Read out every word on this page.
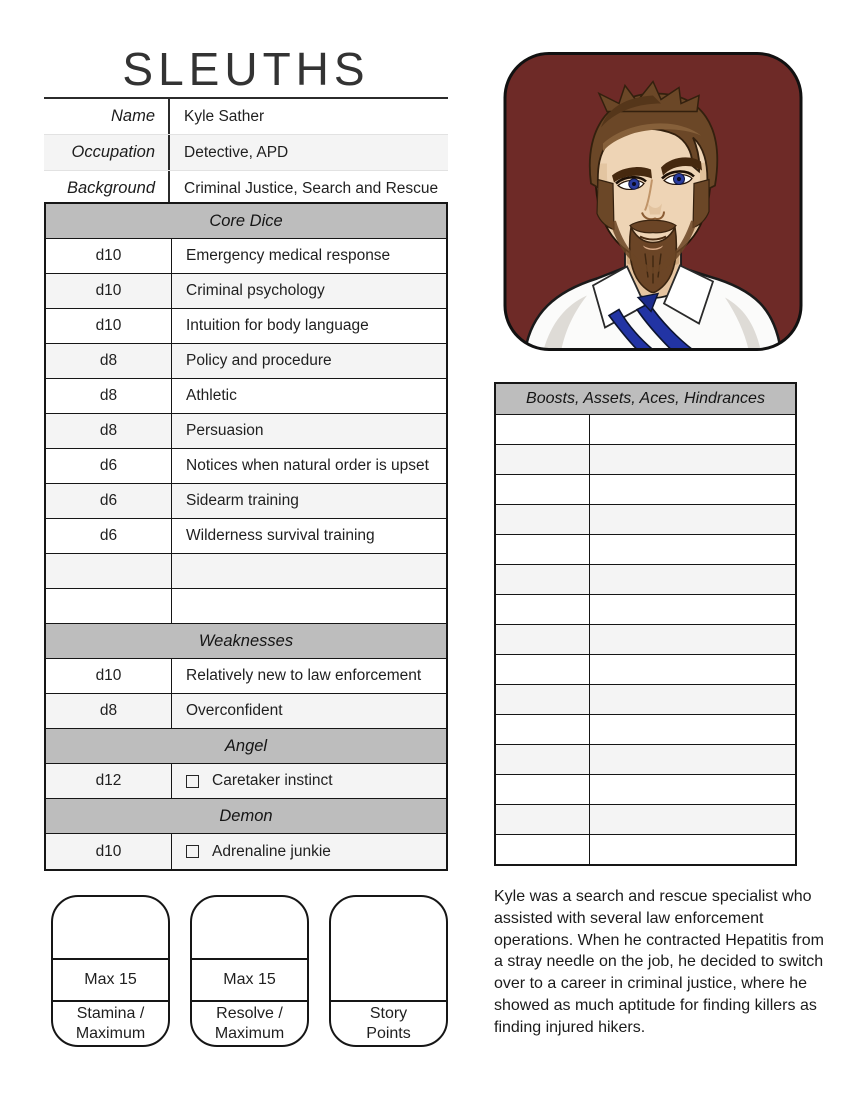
SLEUTHS
Name	Kyle Sather
Occupation	Detective, APD
Background	Criminal Justice, Search and Rescue
Core Dice
d10	Emergency medical response
d10	Criminal psychology
d10	Intuition for body language
d8	Policy and procedure
d8	Athletic
d8	Persuasion
d6	Notices when natural order is upset
d6	Sidearm training
d6	Wilderness survival training
Weaknesses
d10	Relatively new to law enforcement
d8	Overconfident
Angel
d12	Caretaker instinct
Demon
d10	Adrenaline junkie
Boosts, Assets, Aces, Hindrances
Kyle was a search and rescue specialist who assisted with several law enforcement operations. When he contracted Hepatitis from a stray needle on the job, he decided to switch over to a career in criminal justice, where he showed as much aptitude for finding killers as finding injured hikers.
Max 15
Stamina /
Maximum
Max 15
Resolve /
Maximum
Story
Points
